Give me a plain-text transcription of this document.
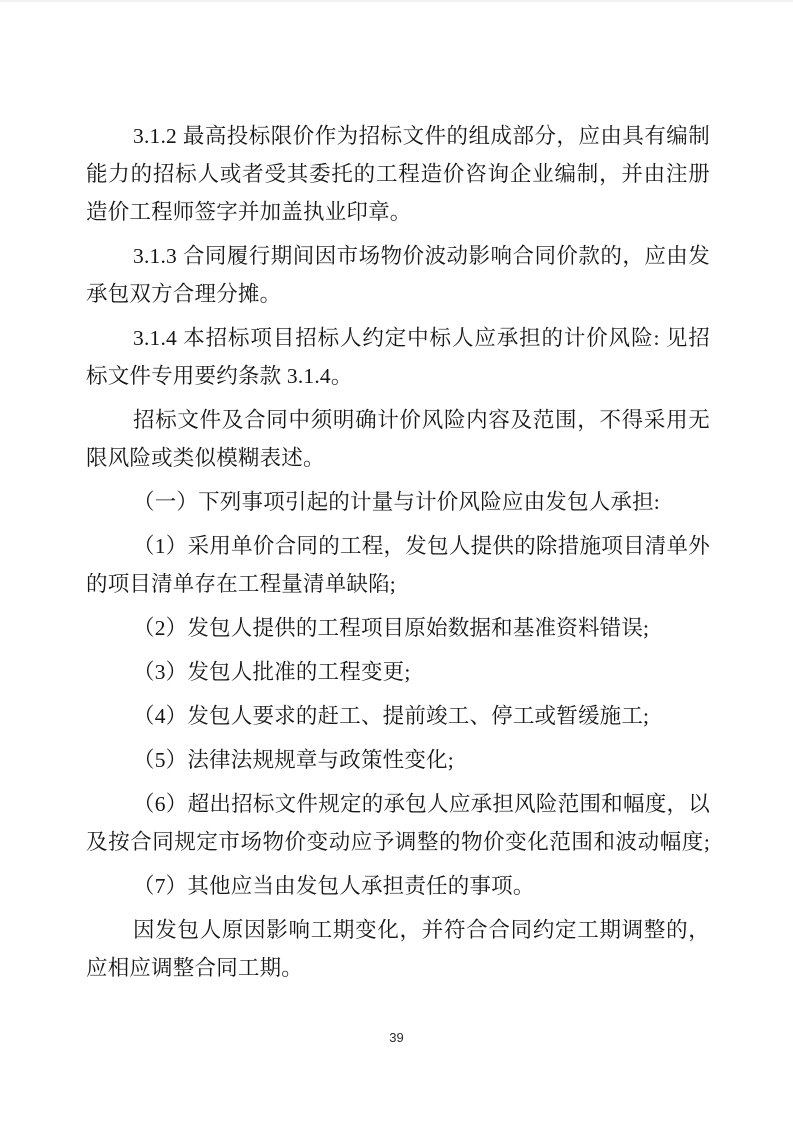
3.1.2 最高投标限价作为招标文件的组成部分，应由具有编制
能力的招标人或者受其委托的工程造价咨询企业编制，并由注册
造价工程师签字并加盖执业印章。
3.1.3 合同履行期间因市场物价波动影响合同价款的，应由发
承包双方合理分摊。
3.1.4 本招标项目招标人约定中标人应承担的计价风险: 见招
标文件专用要约条款 3.1.4。
招标文件及合同中须明确计价风险内容及范围，不得采用无
限风险或类似模糊表述。
（一）下列事项引起的计量与计价风险应由发包人承担:
（1）采用单价合同的工程，发包人提供的除措施项目清单外
的项目清单存在工程量清单缺陷;
（2）发包人提供的工程项目原始数据和基准资料错误;
（3）发包人批准的工程变更;
（4）发包人要求的赶工、提前竣工、停工或暂缓施工;
（5）法律法规规章与政策性变化;
（6）超出招标文件规定的承包人应承担风险范围和幅度，以
及按合同规定市场物价变动应予调整的物价变化范围和波动幅度;
（7）其他应当由发包人承担责任的事项。
因发包人原因影响工期变化，并符合合同约定工期调整的，
应相应调整合同工期。
39
